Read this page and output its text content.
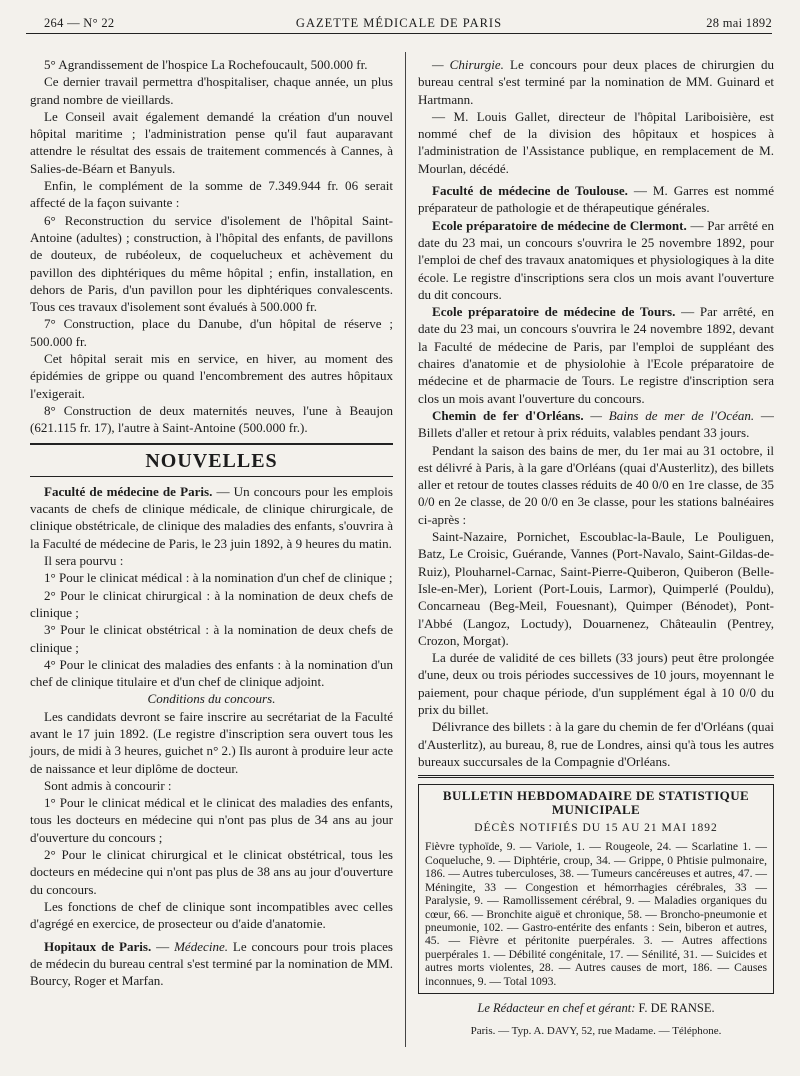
264 — N° 22	GAZETTE MÉDICALE DE PARIS	28 mai 1892

5° Agrandissement de l'hospice La Rochefoucault, 500.000 fr.

Ce dernier travail permettra d'hospitaliser, chaque année, un plus grand nombre de vieillards.

Le Conseil avait également demandé la création d'un nouvel hôpital maritime ; l'administration pense qu'il faut auparavant attendre le résultat des essais de traitement commencés à Cannes, à Salies-de-Béarn et Banyuls.

Enfin, le complément de la somme de 7.349.944 fr. 06 serait affecté de la façon suivante :

6° Reconstruction du service d'isolement de l'hôpital Saint-Antoine (adultes) ; construction, à l'hôpital des enfants, de pavillons de douteux, de rubéoleux, de coquelucheux et achèvement du pavillon des diphtériques du même hôpital ; enfin, installation, en dehors de Paris, d'un pavillon pour les diphtériques convalescents. Tous ces travaux d'isolement sont évalués à 500.000 fr.

7° Construction, place du Danube, d'un hôpital de réserve ; 500.000 fr.

Cet hôpital serait mis en service, en hiver, au moment des épidémies de grippe ou quand l'encombrement des autres hôpitaux l'exigerait.

8° Construction de deux maternités neuves, l'une à Beaujon (621.115 fr. 17), l'autre à Saint-Antoine (500.000 fr.).

NOUVELLES

Faculté de médecine de Paris. — Un concours pour les emplois vacants de chefs de clinique médicale, de clinique chirurgicale, de clinique obstétricale, de clinique des maladies des enfants, s'ouvrira à la Faculté de médecine de Paris, le 23 juin 1892, à 9 heures du matin.

Il sera pourvu :

1° Pour le clinicat médical : à la nomination d'un chef de clinique ;

2° Pour le clinicat chirurgical : à la nomination de deux chefs de clinique ;

3° Pour le clinicat obstétrical : à la nomination de deux chefs de clinique ;

4° Pour le clinicat des maladies des enfants : à la nomination d'un chef de clinique titulaire et d'un chef de clinique adjoint.

Conditions du concours.

Les candidats devront se faire inscrire au secrétariat de la Faculté avant le 17 juin 1892. (Le registre d'inscription sera ouvert tous les jours, de midi à 3 heures, guichet n° 2.) Ils auront à produire leur acte de naissance et leur diplôme de docteur.

Sont admis à concourir :

1° Pour le clinicat médical et le clinicat des maladies des enfants, tous les docteurs en médecine qui n'ont pas plus de 34 ans au jour d'ouverture du concours ;

2° Pour le clinicat chirurgical et le clinicat obstétrical, tous les docteurs en médecine qui n'ont pas plus de 38 ans au jour d'ouverture du concours.

Les fonctions de chef de clinique sont incompatibles avec celles d'agrégé en exercice, de prosecteur ou d'aide d'anatomie.

Hopitaux de Paris. — Médecine. Le concours pour trois places de médecin du bureau central s'est terminé par la nomination de MM. Bourcy, Roger et Marfan.

— Chirurgie. Le concours pour deux places de chirurgien du bureau central s'est terminé par la nomination de MM. Guinard et Hartmann.

— M. Louis Gallet, directeur de l'hôpital Lariboisière, est nommé chef de la division des hôpitaux et hospices à l'administration de l'Assistance publique, en remplacement de M. Mourlan, décédé.

Faculté de médecine de Toulouse. — M. Garres est nommé préparateur de pathologie et de thérapeutique générales.

Ecole préparatoire de médecine de Clermont. — Par arrêté en date du 23 mai, un concours s'ouvrira le 25 novembre 1892, pour l'emploi de chef des travaux anatomiques et physiologiques à la dite école. Le registre d'inscriptions sera clos un mois avant l'ouverture du dit concours.

Ecole préparatoire de médecine de Tours. — Par arrêté, en date du 23 mai, un concours s'ouvrira le 24 novembre 1892, devant la Faculté de médecine de Paris, par l'emploi de suppléant des chaires d'anatomie et de physiolohie à l'Ecole préparatoire de médecine et de pharmacie de Tours. Le registre d'inscription sera clos un mois avant l'ouverture du concours.

Chemin de fer d'Orléans. — Bains de mer de l'Océan. — Billets d'aller et retour à prix réduits, valables pendant 33 jours.

Pendant la saison des bains de mer, du 1er mai au 31 octobre, il est délivré à Paris, à la gare d'Orléans (quai d'Austerlitz), des billets aller et retour de toutes classes réduits de 40 0/0 en 1re classe, de 35 0/0 en 2e classe, de 20 0/0 en 3e classe, pour les stations balnéaires ci-après :

Saint-Nazaire, Pornichet, Escoublac-la-Baule, Le Pouliguen, Batz, Le Croisic, Guérande, Vannes (Port-Navalo, Saint-Gildas-de-Ruiz), Plouharnel-Carnac, Saint-Pierre-Quiberon, Quiberon (Belle-Isle-en-Mer), Lorient (Port-Louis, Larmor), Quimperlé (Pouldu), Concarneau (Beg-Meil, Fouesnant), Quimper (Bénodet), Pont-l'Abbé (Langoz, Loctudy), Douarnenez, Châteaulin (Pentrey, Crozon, Morgat).

La durée de validité de ces billets (33 jours) peut être prolongée d'une, deux ou trois périodes successives de 10 jours, moyennant le paiement, pour chaque période, d'un supplément égal à 10 0/0 du prix du billet.

Délivrance des billets : à la gare du chemin de fer d'Orléans (quai d'Austerlitz), au bureau, 8, rue de Londres, ainsi qu'à tous les autres bureaux succursales de la Compagnie d'Orléans.

BULLETIN HEBDOMADAIRE DE STATISTIQUE MUNICIPALE
DÉCÈS NOTIFIÉS DU 15 AU 21 MAI 1892
Fièvre typhoïde, 9. — Variole, 1. — Rougeole, 24. — Scarlatine 1. — Coqueluche, 9. — Diphtérie, croup, 34. — Grippe, 0 Phtisie pulmonaire, 186. — Autres tuberculoses, 38. — Tumeurs cancéreuses et autres, 47. — Méningite, 33 — Congestion et hémorrhagies cérébrales, 33 — Paralysie, 9. — Ramollissement cérébral, 9. — Maladies organiques du cœur, 66. — Bronchite aiguë et chronique, 58. — Broncho-pneumonie et pneumonie, 102. — Gastro-entérite des enfants : Sein, biberon et autres, 45. — Fièvre et péritonite puerpérales. 3. — Autres affections puerpérales 1. — Débilité congénitale, 17. — Sénilité, 31. — Suicides et autres morts violentes, 28. — Autres causes de mort, 186. — Causes inconnues, 9. — Total 1093.
Le Rédacteur en chef et gérant: F. DE RANSE.
Paris. — Typ. A. DAVY, 52, rue Madame. — Téléphone.
